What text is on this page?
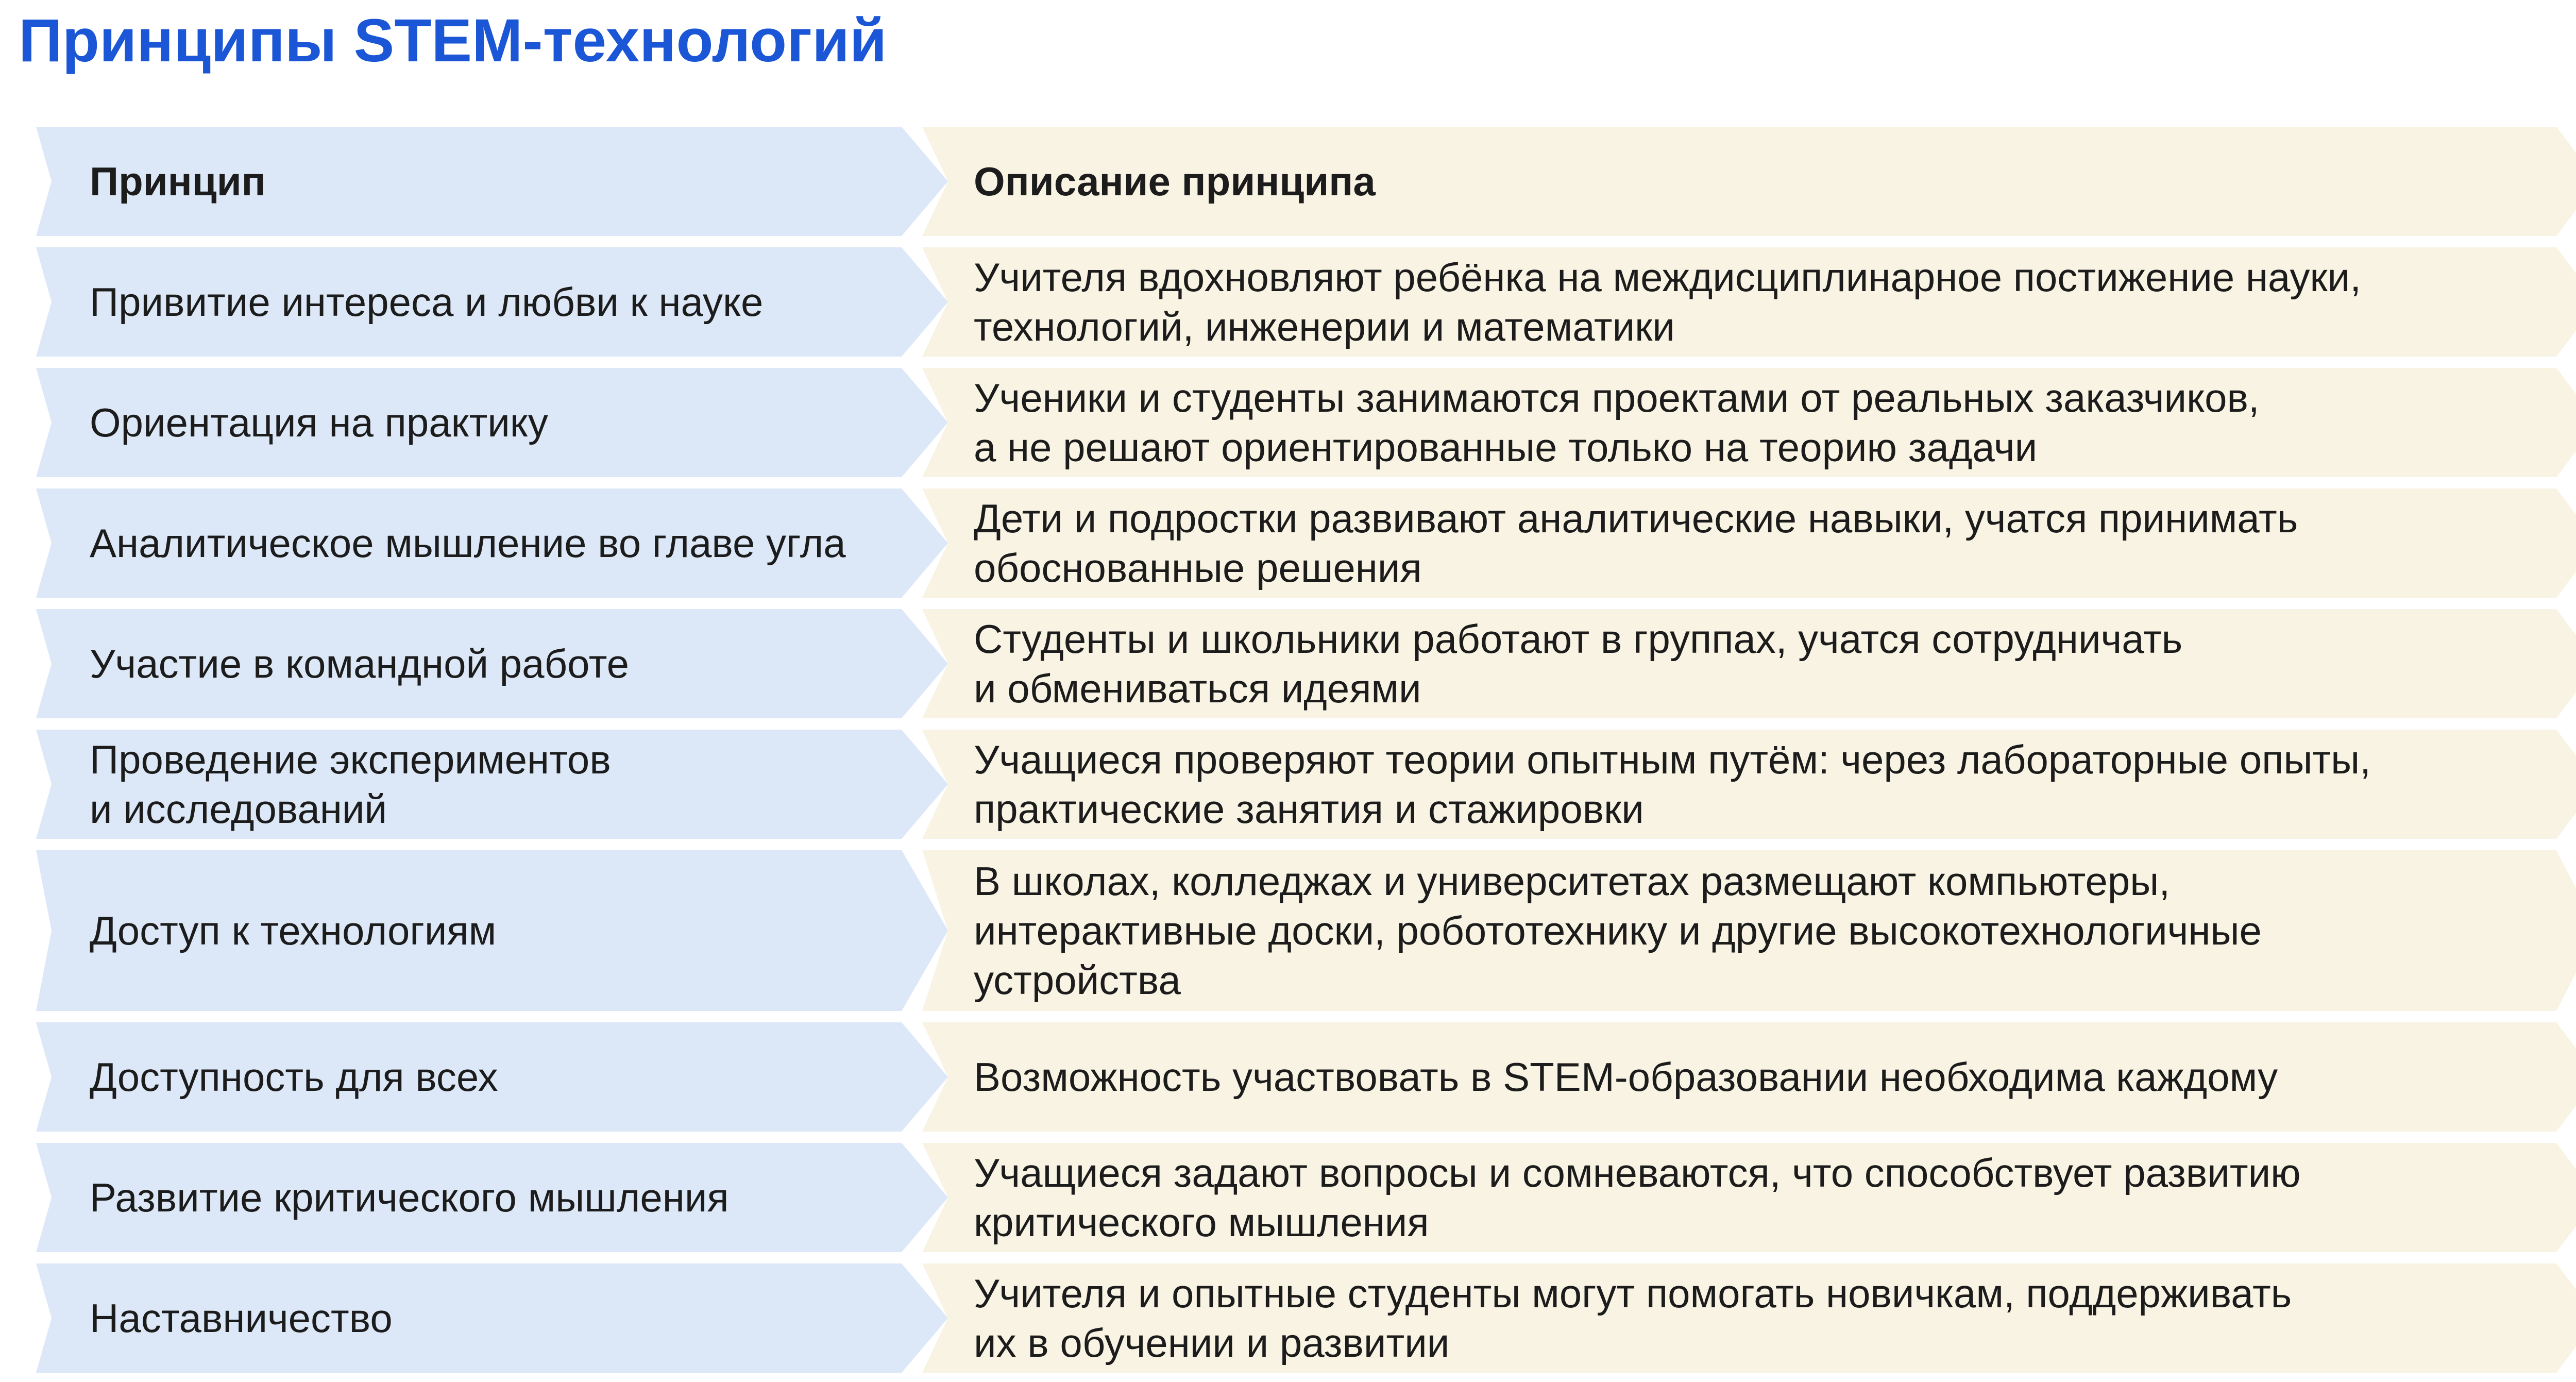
Принципы STEM-технологий
Принцип	Описание принципа
Привитие интереса и любви к науке
Учителя вдохновляют ребёнка на междисциплинарное постижение науки,
технологий, инженерии и математики
Ориентация на практику
Ученики и студенты занимаются проектами от реальных заказчиков,
а не решают ориентированные только на теорию задачи
Аналитическое мышление во главе угла
Дети и подростки развивают аналитические навыки, учатся принимать
обоснованные решения
Участие в командной работе
Студенты и школьники работают в группах, учатся сотрудничать
и обмениваться идеями
Проведение экспериментов
и исследований
Учащиеся проверяют теории опытным путём: через лабораторные опыты,
практические занятия и стажировки
Доступ к технологиям
В школах, колледжах и университетах размещают компьютеры,
интерактивные доски, робототехнику и другие высокотехнологичные
устройства
Доступность для всех	Возможность участвовать в STEM-образовании необходима каждому
Развитие критического мышления
Учащиеся задают вопросы и сомневаются, что способствует развитию
критического мышления
Наставничество
Учителя и опытные студенты могут помогать новичкам, поддерживать
их в обучении и развитии
